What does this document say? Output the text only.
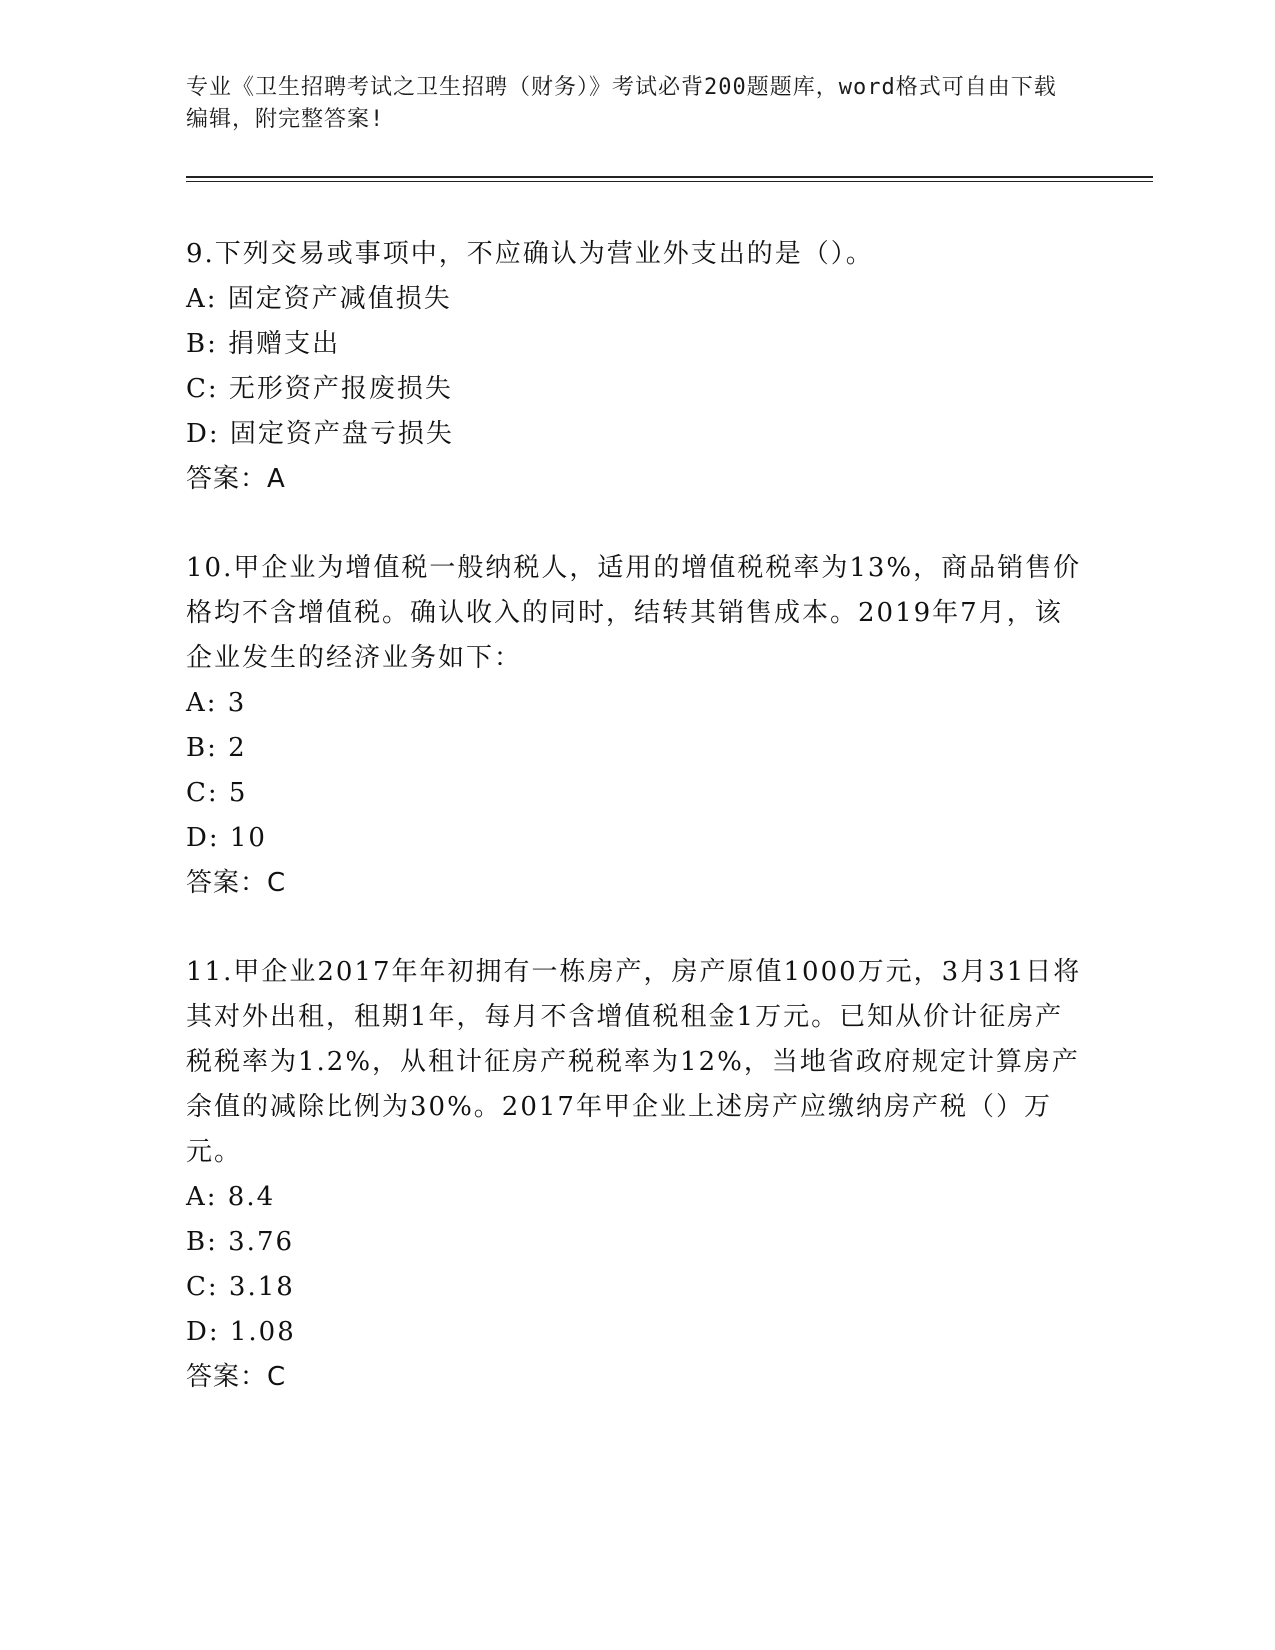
专业《卫生招聘考试之卫生招聘（财务）》考试必背200题题库，word格式可自由下载编辑，附完整答案!

9.下列交易或事项中，不应确认为营业外支出的是（）。

A: 固定资产减值损失

B: 捐赠支出

C: 无形资产报废损失

D: 固定资产盘亏损失

答案：A

10.甲企业为增值税一般纳税人，适用的增值税税率为13%，商品销售价格均不含增值税。确认收入的同时，结转其销售成本。2019年7月，该企业发生的经济业务如下：

A: 3

B: 2

C: 5

D: 10

答案：C

11.甲企业2017年年初拥有一栋房产，房产原值1000万元，3月31日将其对外出租，租期1年，每月不含增值税租金1万元。已知从价计征房产税税率为1.2%，从租计征房产税税率为12%，当地省政府规定计算房产余值的减除比例为30%。2017年甲企业上述房产应缴纳房产税（）万元。

A: 8.4

B: 3.76

C: 3.18

D: 1.08

答案：C
